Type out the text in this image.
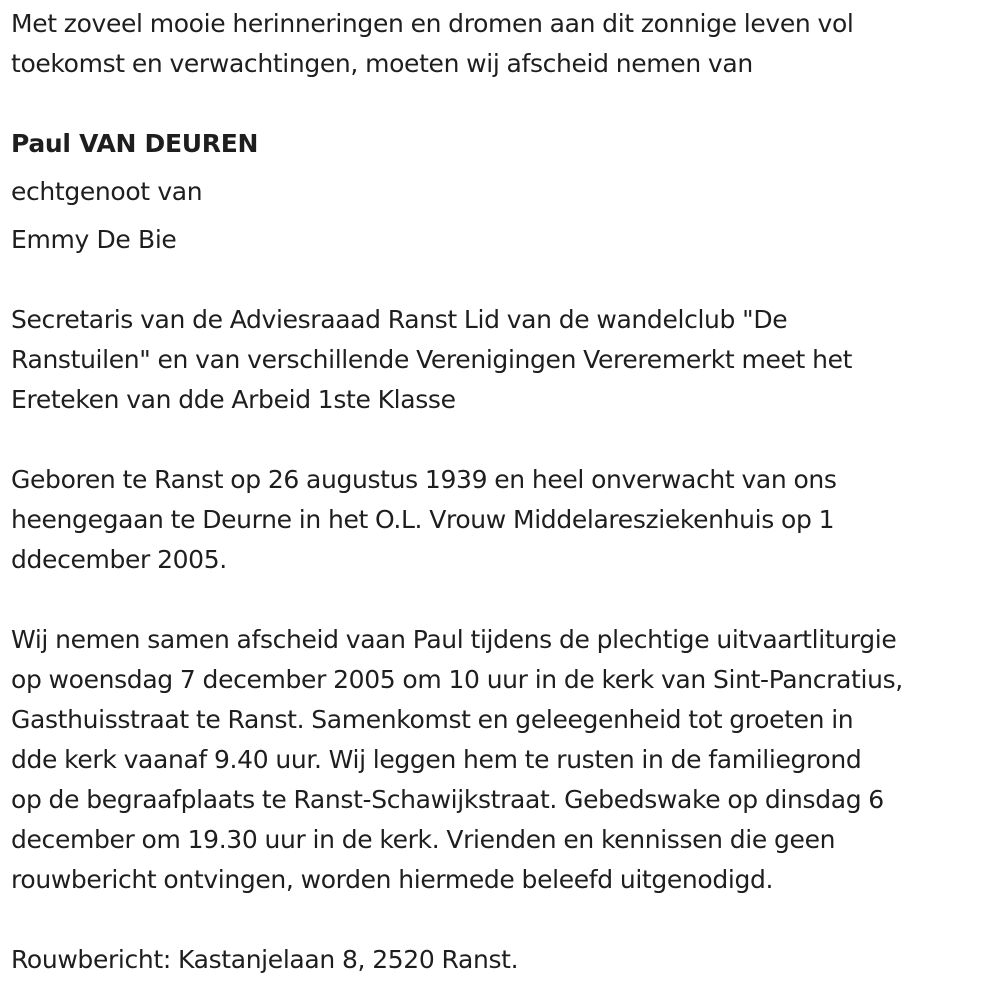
Met zoveel mooie herinneringen en dromen aan dit zonnige leven vol
toekomst en verwachtingen, moeten wij afscheid nemen van

Paul VAN DEUREN
echtgenoot van
Emmy De Bie

Secretaris van de Adviesraaad Ranst Lid van de wandelclub "De
Ranstuilen" en van verschillende Verenigingen Vereremerkt meet het
Ereteken van dde Arbeid 1ste Klasse

Geboren te Ranst op 26 augustus 1939 en heel onverwacht van ons
heengegaan te Deurne in het O.L. Vrouw Middelaresziekenhuis op 1
ddecember 2005.

Wij nemen samen afscheid vaan Paul tijdens de plechtige uitvaartliturgie
op woensdag 7 december 2005 om 10 uur in de kerk van Sint-Pancratius,
Gasthuisstraat te Ranst. Samenkomst en geleegenheid tot groeten in
dde kerk vaanaf 9.40 uur. Wij leggen hem te rusten in de familiegrond
op de begraafplaats te Ranst-Schawijkstraat. Gebedswake op dinsdag 6
december om 19.30 uur in de kerk. Vrienden en kennissen die geen
rouwbericht ontvingen, worden hiermede beleefd uitgenodigd.

Rouwbericht: Kastanjelaan 8, 2520 Ranst.
